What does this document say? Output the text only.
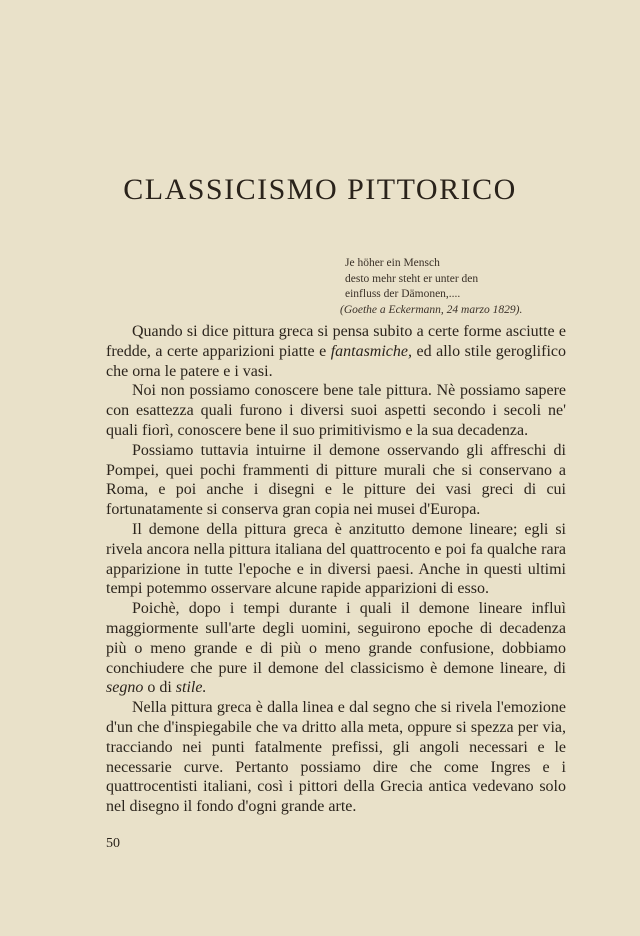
CLASSICISMO PITTORICO
Je höher ein Mensch
desto mehr steht er unter den
einfluss der Dämonen,....
(Goethe a Eckermann, 24 marzo 1829).

Quando si dice pittura greca si pensa subito a certe forme asciutte e fredde, a certe apparizioni piatte e fantasmiche, ed allo stile geroglifico che orna le patere e i vasi.

Noi non possiamo conoscere bene tale pittura. Nè possiamo sapere con esattezza quali furono i diversi suoi aspetti secondo i secoli ne' quali fiorì, conoscere bene il suo primitivismo e la sua decadenza.

Possiamo tuttavia intuirne il demone osservando gli affreschi di Pompei, quei pochi frammenti di pitture murali che si conservano a Roma, e poi anche i disegni e le pitture dei vasi greci di cui fortunatamente si conserva gran copia nei musei d'Europa.

Il demone della pittura greca è anzitutto demone lineare; egli si rivela ancora nella pittura italiana del quattrocento e poi fa qualche rara apparizione in tutte l'epoche e in diversi paesi. Anche in questi ultimi tempi potemmo osservare alcune rapide apparizioni di esso.

Poichè, dopo i tempi durante i quali il demone lineare influì maggiormente sull'arte degli uomini, seguirono epoche di decadenza più o meno grande e di più o meno grande confusione, dobbiamo conchiudere che pure il demone del classicismo è demone lineare, di segno o di stile.

Nella pittura greca è dalla linea e dal segno che si rivela l'emozione d'un che d'inspiegabile che va dritto alla meta, oppure si spezza per via, tracciando nei punti fatalmente prefissi, gli angoli necessari e le necessarie curve. Pertanto possiamo dire che come Ingres e i quattrocentisti italiani, così i pittori della Grecia antica vedevano solo nel disegno il fondo d'ogni grande arte.

50
